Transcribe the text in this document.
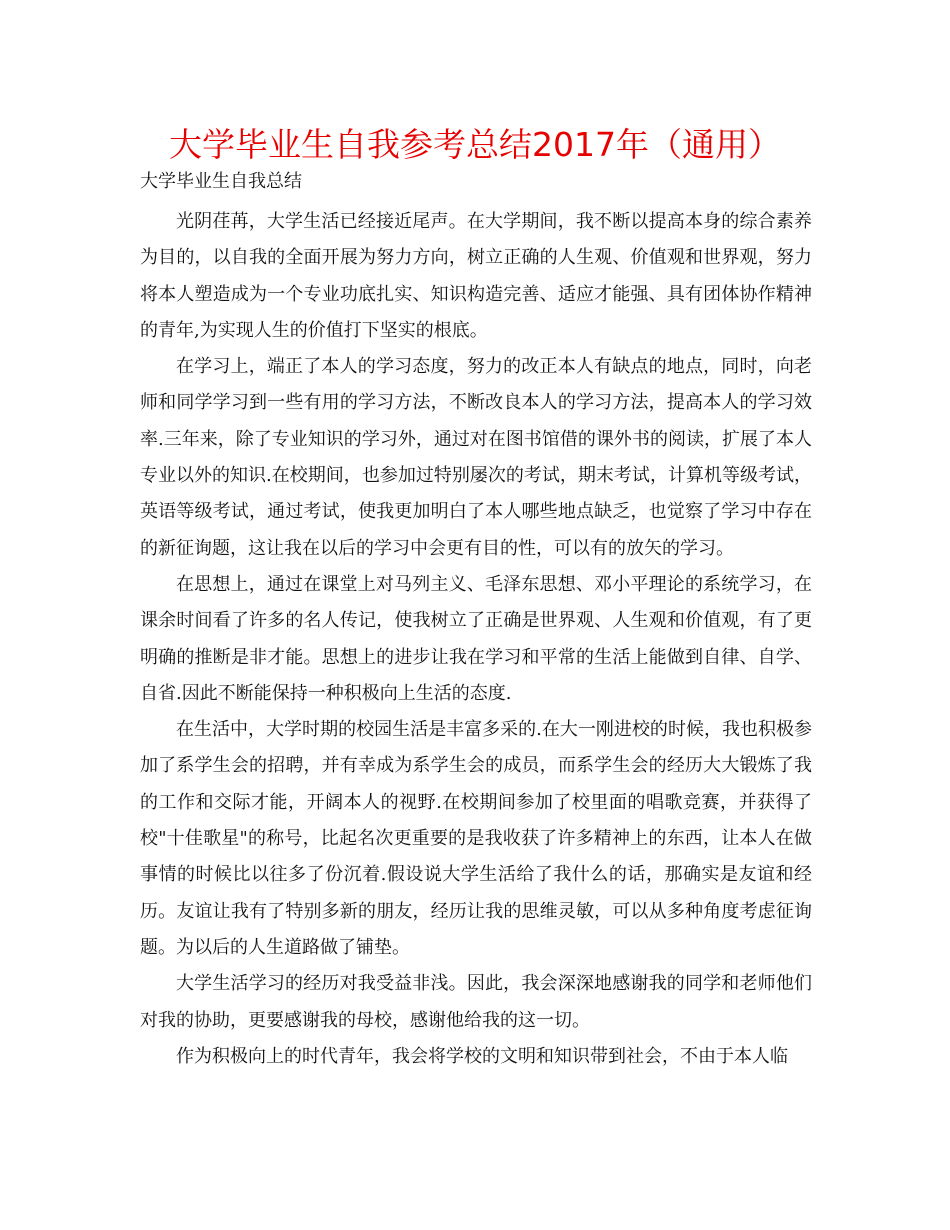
大学毕业生自我参考总结2017年（通用）
大学毕业生自我总结

光阴荏苒，大学生活已经接近尾声。在大学期间，我不断以提高本身的综合素养为目的，以自我的全面开展为努力方向，树立正确的人生观、价值观和世界观，努力将本人塑造成为一个专业功底扎实、知识构造完善、适应才能强、具有团体协作精神的青年,为实现人生的价值打下坚实的根底。

在学习上，端正了本人的学习态度，努力的改正本人有缺点的地点，同时，向老师和同学学习到一些有用的学习方法，不断改良本人的学习方法，提高本人的学习效率.三年来，除了专业知识的学习外，通过对在图书馆借的课外书的阅读，扩展了本人专业以外的知识.在校期间，也参加过特别屡次的考试，期末考试，计算机等级考试，英语等级考试，通过考试，使我更加明白了本人哪些地点缺乏，也觉察了学习中存在的新征询题，这让我在以后的学习中会更有目的性，可以有的放矢的学习。

在思想上，通过在课堂上对马列主义、毛泽东思想、邓小平理论的系统学习，在课余时间看了许多的名人传记，使我树立了正确是世界观、人生观和价值观，有了更明确的推断是非才能。思想上的进步让我在学习和平常的生活上能做到自律、自学、自省.因此不断能保持一种积极向上生活的态度.

在生活中，大学时期的校园生活是丰富多采的.在大一刚进校的时候，我也积极参加了系学生会的招聘，并有幸成为系学生会的成员，而系学生会的经历大大锻炼了我的工作和交际才能，开阔本人的视野.在校期间参加了校里面的唱歌竞赛，并获得了校"十佳歌星"的称号，比起名次更重要的是我收获了许多精神上的东西，让本人在做事情的时候比以往多了份沉着.假设说大学生活给了我什么的话，那确实是友谊和经历。友谊让我有了特别多新的朋友，经历让我的思维灵敏，可以从多种角度考虑征询题。为以后的人生道路做了铺垫。

大学生活学习的经历对我受益非浅。因此，我会深深地感谢我的同学和老师他们对我的协助，更要感谢我的母校，感谢他给我的这一切。

作为积极向上的时代青年，我会将学校的文明和知识带到社会，不由于本人临
